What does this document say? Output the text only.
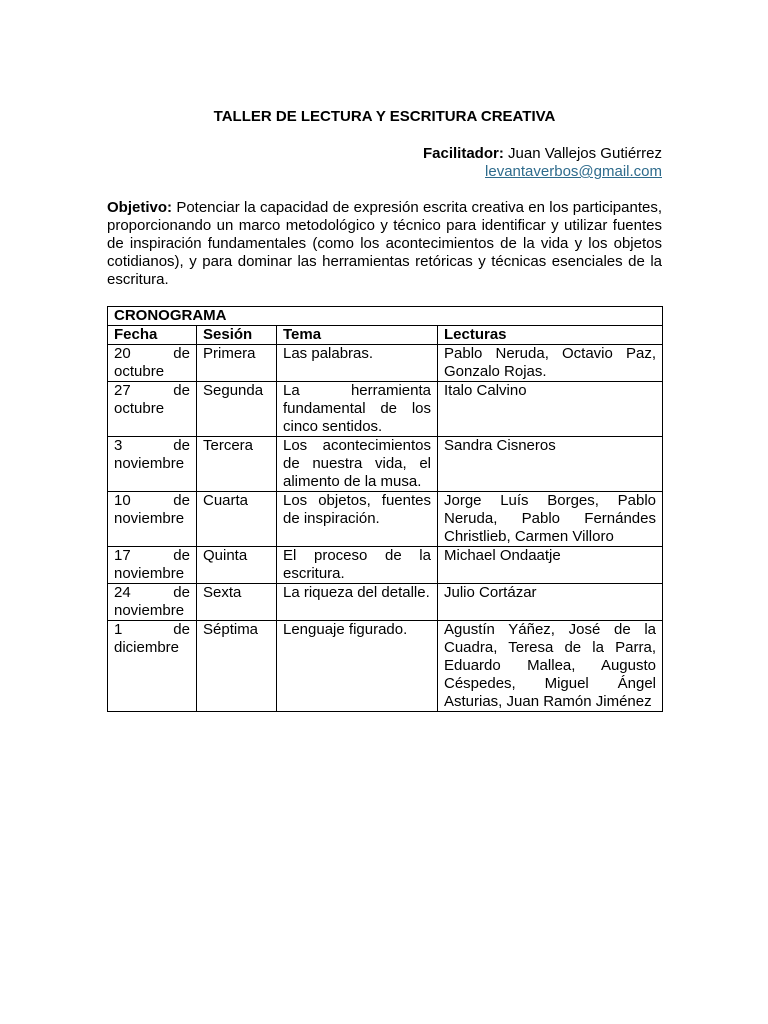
TALLER DE LECTURA Y ESCRITURA CREATIVA
Facilitador: Juan Vallejos Gutiérrez
levantaverbos@gmail.com

Objetivo: Potenciar la capacidad de expresión escrita creativa en los participantes, proporcionando un marco metodológico y técnico para identificar y utilizar fuentes de inspiración fundamentales (como los acontecimientos de la vida y los objetos cotidianos), y para dominar las herramientas retóricas y técnicas esenciales de la escritura.

CRONOGRAMA			
Fecha	Sesión	Tema	Lecturas
20 de octubre	Primera	Las palabras.	Pablo Neruda, Octavio Paz, Gonzalo Rojas.
27 de octubre	Segunda	La herramienta fundamental de los cinco sentidos.	Italo Calvino
3 de noviembre	Tercera	Los acontecimientos de nuestra vida, el alimento de la musa.	Sandra Cisneros
10 de noviembre	Cuarta	Los objetos, fuentes de inspiración.	Jorge Luís Borges, Pablo Neruda, Pablo Fernándes Christlieb, Carmen Villoro
17 de noviembre	Quinta	El proceso de la escritura.	Michael Ondaatje
24 de noviembre	Sexta	La riqueza del detalle.	Julio Cortázar
1 de diciembre	Séptima	Lenguaje figurado.	Agustín Yáñez, José de la Cuadra, Teresa de la Parra, Eduardo Mallea, Augusto Céspedes, Miguel Ángel Asturias, Juan Ramón Jiménez
